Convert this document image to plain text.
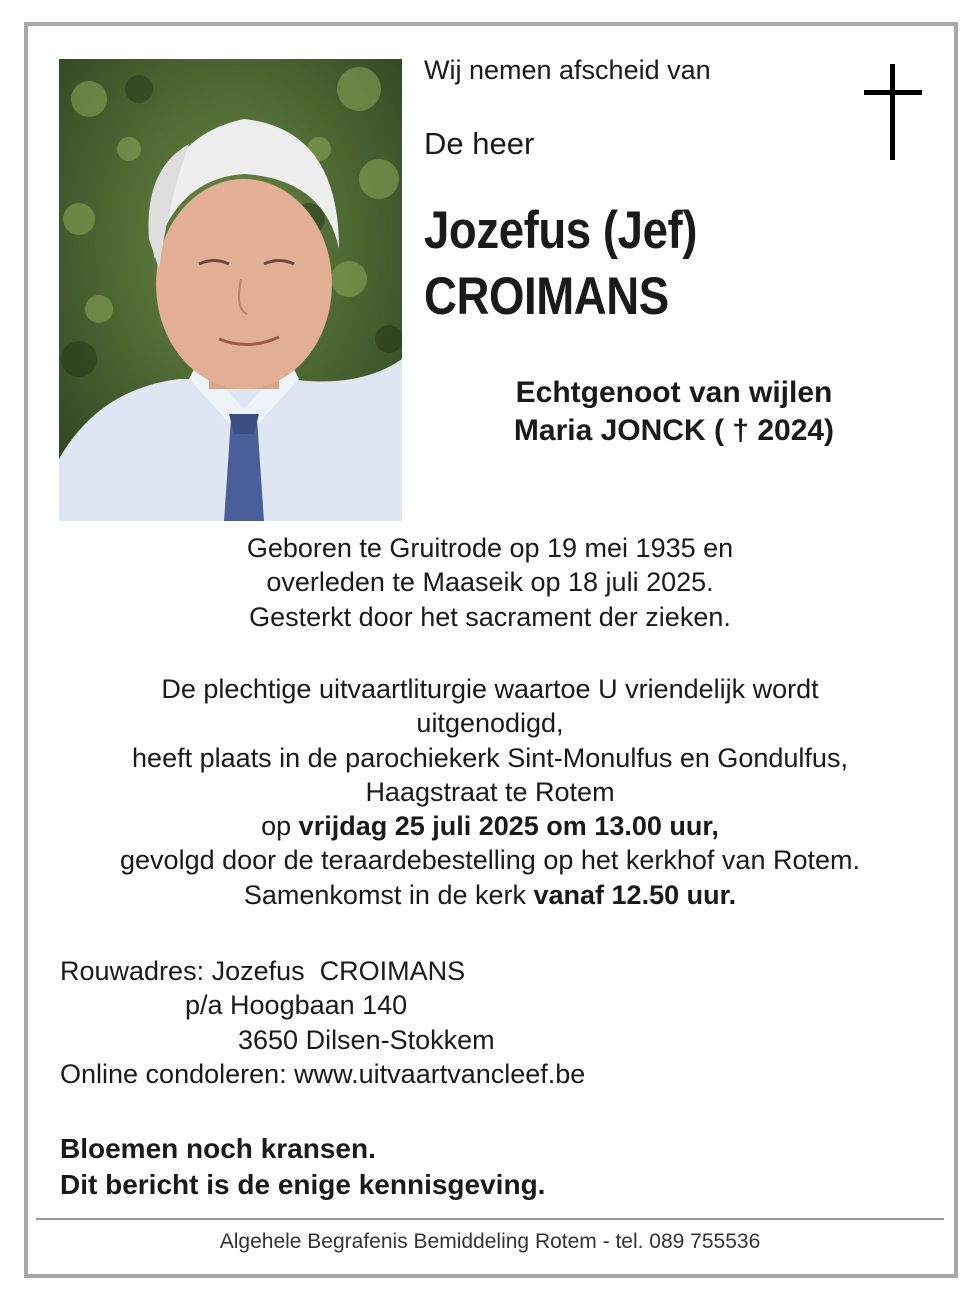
Wij nemen afscheid van
De heer
Jozefus (Jef)
CROIMANS
Echtgenoot van wijlen
Maria JONCK ( † 2024)
Geboren te Gruitrode op 19 mei 1935 en
overleden te Maaseik op 18 juli 2025.
Gesterkt door het sacrament der zieken.
De plechtige uitvaartliturgie waartoe U vriendelijk wordt
uitgenodigd,
heeft plaats in de parochiekerk Sint-Monulfus en Gondulfus,
Haagstraat te Rotem
op vrijdag 25 juli 2025 om 13.00 uur,
gevolgd door de teraardebestelling op het kerkhof van Rotem.
Samenkomst in de kerk vanaf 12.50 uur.
Rouwadres: Jozefus  CROIMANS
p/a Hoogbaan 140
3650 Dilsen-Stokkem
Online condoleren: www.uitvaartvancleef.be
Bloemen noch kransen.
Dit bericht is de enige kennisgeving.
Algehele Begrafenis Bemiddeling Rotem - tel. 089 755536
